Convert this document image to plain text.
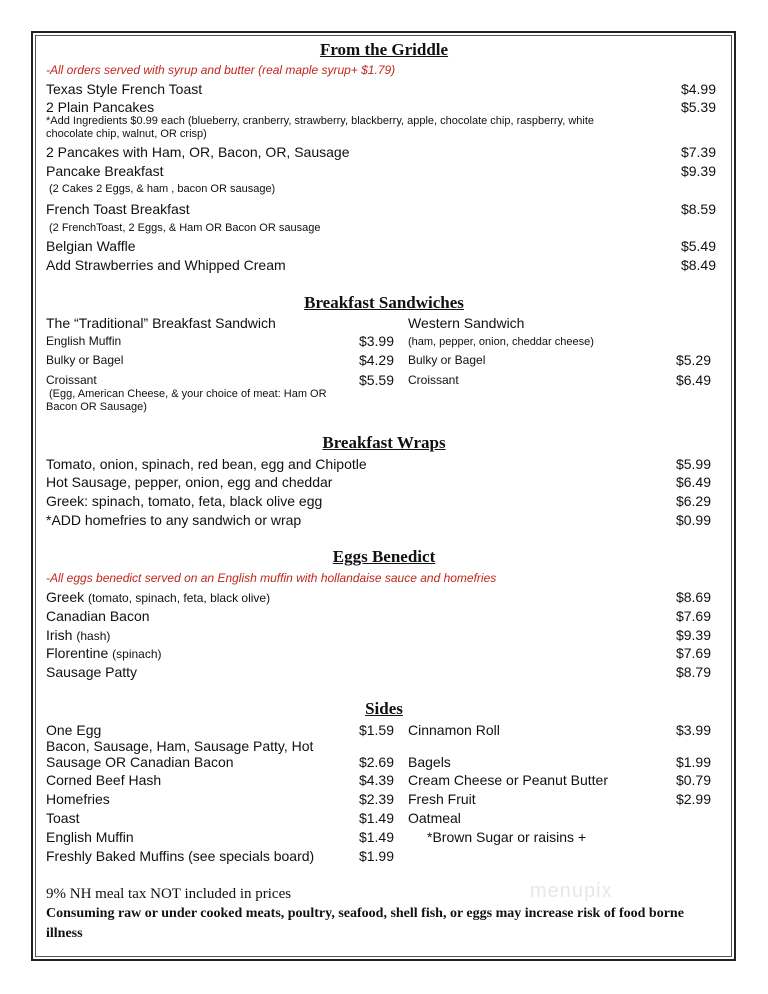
From the Griddle
-All orders served with syrup and butter (real maple syrup+ $1.79)
Texas Style French Toast	$4.99
2 Plain Pancakes	$5.39
*Add Ingredients $0.99 each (blueberry, cranberry, strawberry, blackberry, apple, chocolate chip, raspberry, white
chocolate chip, walnut, OR crisp)
2 Pancakes with Ham, OR, Bacon, OR, Sausage	$7.39
Pancake Breakfast	$9.39
(2 Cakes 2 Eggs, & ham , bacon OR sausage)
French Toast Breakfast	$8.59
(2 FrenchToast, 2 Eggs, & Ham OR Bacon OR sausage
Belgian Waffle	$5.49
Add Strawberries and Whipped Cream	$8.49
Breakfast Sandwiches
The “Traditional” Breakfast Sandwich
English Muffin	$3.99
Bulky or Bagel	$4.29
Croissant	$5.59
(Egg, American Cheese, & your choice of meat: Ham OR
Bacon OR Sausage)
Western Sandwich
(ham, pepper, onion, cheddar cheese)
Bulky or Bagel	$5.29
Croissant	$6.49
Breakfast Wraps
Tomato, onion, spinach, red bean, egg and Chipotle	$5.99
Hot Sausage, pepper, onion, egg and cheddar	$6.49
Greek: spinach, tomato, feta, black olive egg	$6.29
*ADD homefries to any sandwich or wrap	$0.99
Eggs Benedict
-All eggs benedict served on an English muffin with hollandaise sauce and homefries
Greek (tomato, spinach, feta, black olive)	$8.69
Canadian Bacon	$7.69
Irish (hash)	$9.39
Florentine (spinach)	$7.69
Sausage Patty	$8.79
Sides
One Egg	$1.59
Bacon, Sausage, Ham, Sausage Patty, Hot
Sausage OR Canadian Bacon	$2.69
Corned Beef Hash	$4.39
Homefries	$2.39
Toast	$1.49
English Muffin	$1.49
Freshly Baked Muffins (see specials board)	$1.99
Cinnamon Roll	$3.99
Bagels	$1.99
Cream Cheese or Peanut Butter	$0.79
Fresh Fruit	$2.99
Oatmeal
*Brown Sugar or raisins +
9% NH meal tax NOT included in prices
Consuming raw or under cooked meats, poultry, seafood, shell fish, or eggs may increase risk of food borne
illness
menupix
